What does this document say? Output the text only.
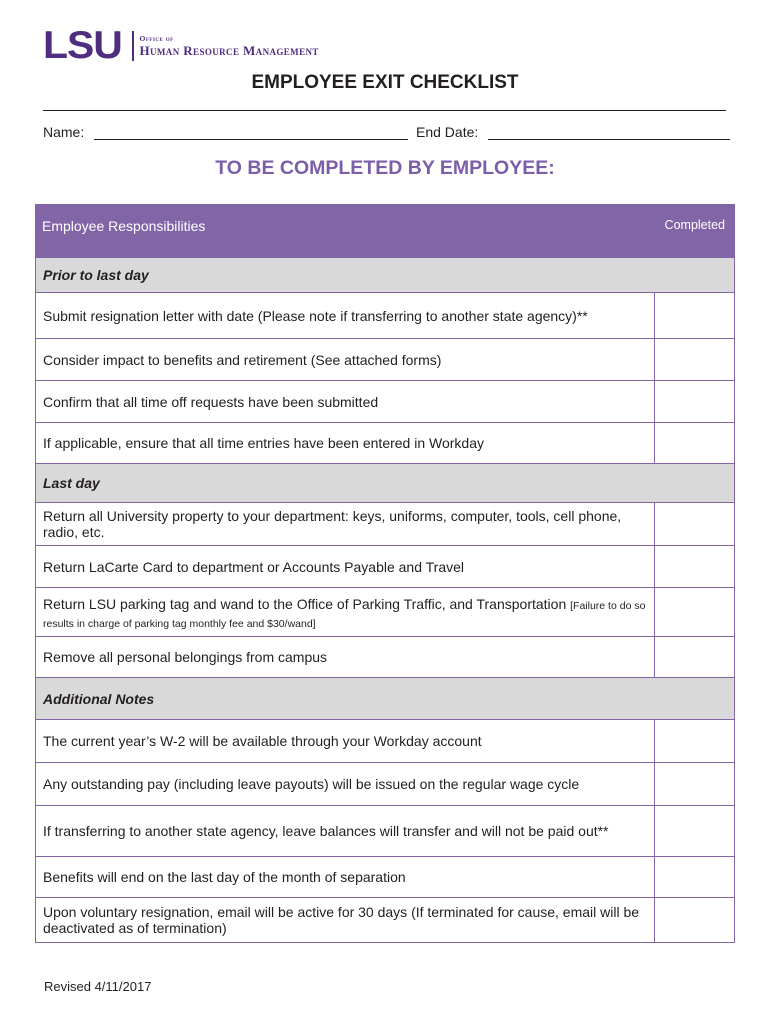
LSU Office of
Human Resource Management
EMPLOYEE EXIT CHECKLIST
Name:	End Date:
TO BE COMPLETED BY EMPLOYEE:
Employee Responsibilities	Completed
Prior to last day
Submit resignation letter with date (Please note if transferring to another state agency)**
Consider impact to benefits and retirement (See attached forms)
Confirm that all time off requests have been submitted
If applicable, ensure that all time entries have been entered in Workday
Last day
Return all University property to your department: keys, uniforms, computer, tools, cell phone, radio, etc.
Return LaCarte Card to department or Accounts Payable and Travel
Return LSU parking tag and wand to the Office of Parking Traffic, and Transportation [Failure to do so results in charge of parking tag monthly fee and $30/wand]
Remove all personal belongings from campus
Additional Notes
The current year’s W-2 will be available through your Workday account
Any outstanding pay (including leave payouts) will be issued on the regular wage cycle
If transferring to another state agency, leave balances will transfer and will not be paid out**
Benefits will end on the last day of the month of separation
Upon voluntary resignation, email will be active for 30 days (If terminated for cause, email will be deactivated as of termination)
Revised 4/11/2017
